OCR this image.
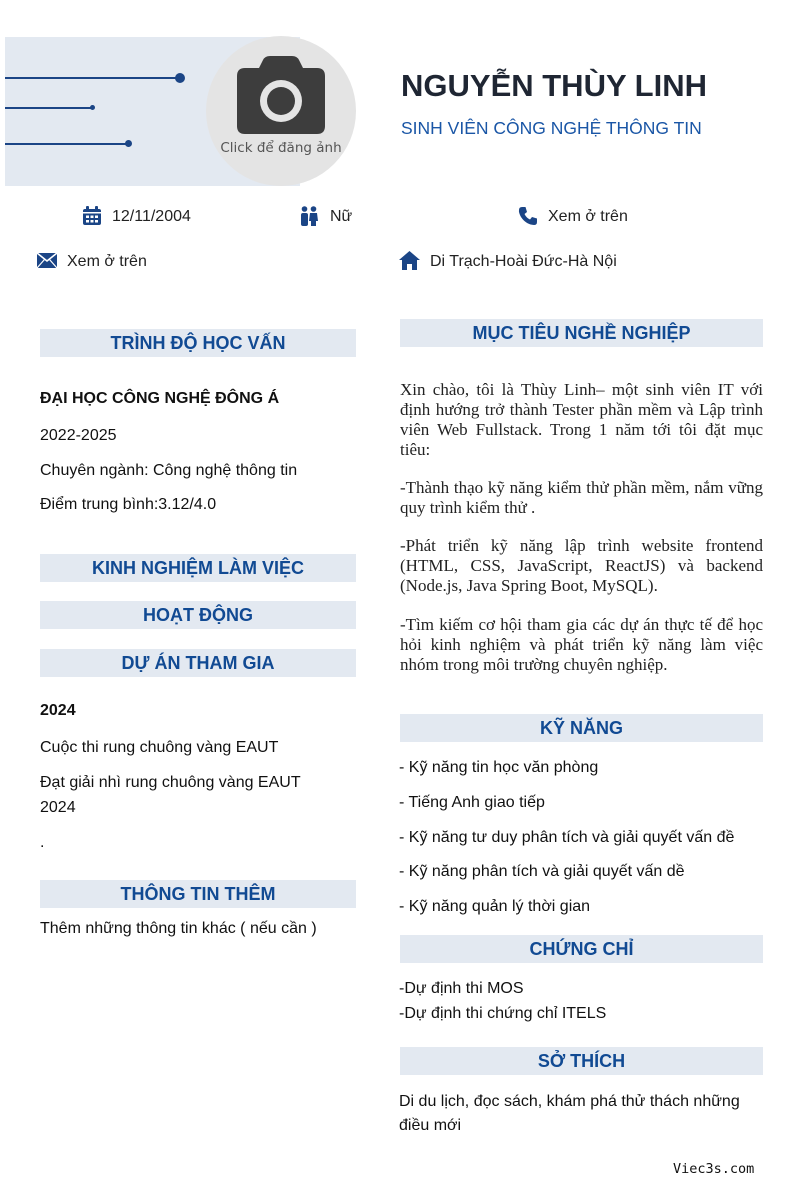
Click để đăng ảnh
NGUYỄN THÙY LINH
SINH VIÊN CÔNG NGHỆ THÔNG TIN
12/11/2004	Nữ	Xem ở trên
Xem ở trên	Di Trạch-Hoài Đức-Hà Nội
TRÌNH ĐỘ HỌC VẤN
ĐẠI HỌC CÔNG NGHỆ ĐÔNG Á
2022-2025
Chuyên ngành: Công nghệ thông tin
Điểm trung bình:3.12/4.0
KINH NGHIỆM LÀM VIỆC
HOẠT ĐỘNG
DỰ ÁN THAM GIA
2024
Cuộc thi rung chuông vàng EAUT
Đạt giải nhì rung chuông vàng EAUT
2024
.
THÔNG TIN THÊM
Thêm những thông tin khác ( nếu cần )
MỤC TIÊU NGHỀ NGHIỆP
Xin chào, tôi là Thùy Linh– một sinh viên IT với định hướng trở thành Tester phần mềm và Lập trình viên Web Fullstack. Trong 1 năm tới tôi đặt mục tiêu:
-Thành thạo kỹ năng kiểm thử phần mềm, nắm vững quy trình kiểm thử .
-Phát triển kỹ năng lập trình website frontend (HTML, CSS, JavaScript, ReactJS) và backend (Node.js, Java Spring Boot, MySQL).
-Tìm kiếm cơ hội tham gia các dự án thực tế để học hỏi kinh nghiệm và phát triển kỹ năng làm việc nhóm trong môi trường chuyên nghiệp.
KỸ NĂNG
- Kỹ năng tin học văn phòng
- Tiếng Anh giao tiếp
- Kỹ năng tư duy phân tích và giải quyết vấn đề
- Kỹ năng phân tích và giải quyết vấn dề
- Kỹ năng quản lý thời gian
CHỨNG CHỈ
-Dự định thi MOS
-Dự định thi chứng chỉ ITELS
SỞ THÍCH
Di du lịch, đọc sách, khám phá thử thách những
điều mới
Viec3s.com
